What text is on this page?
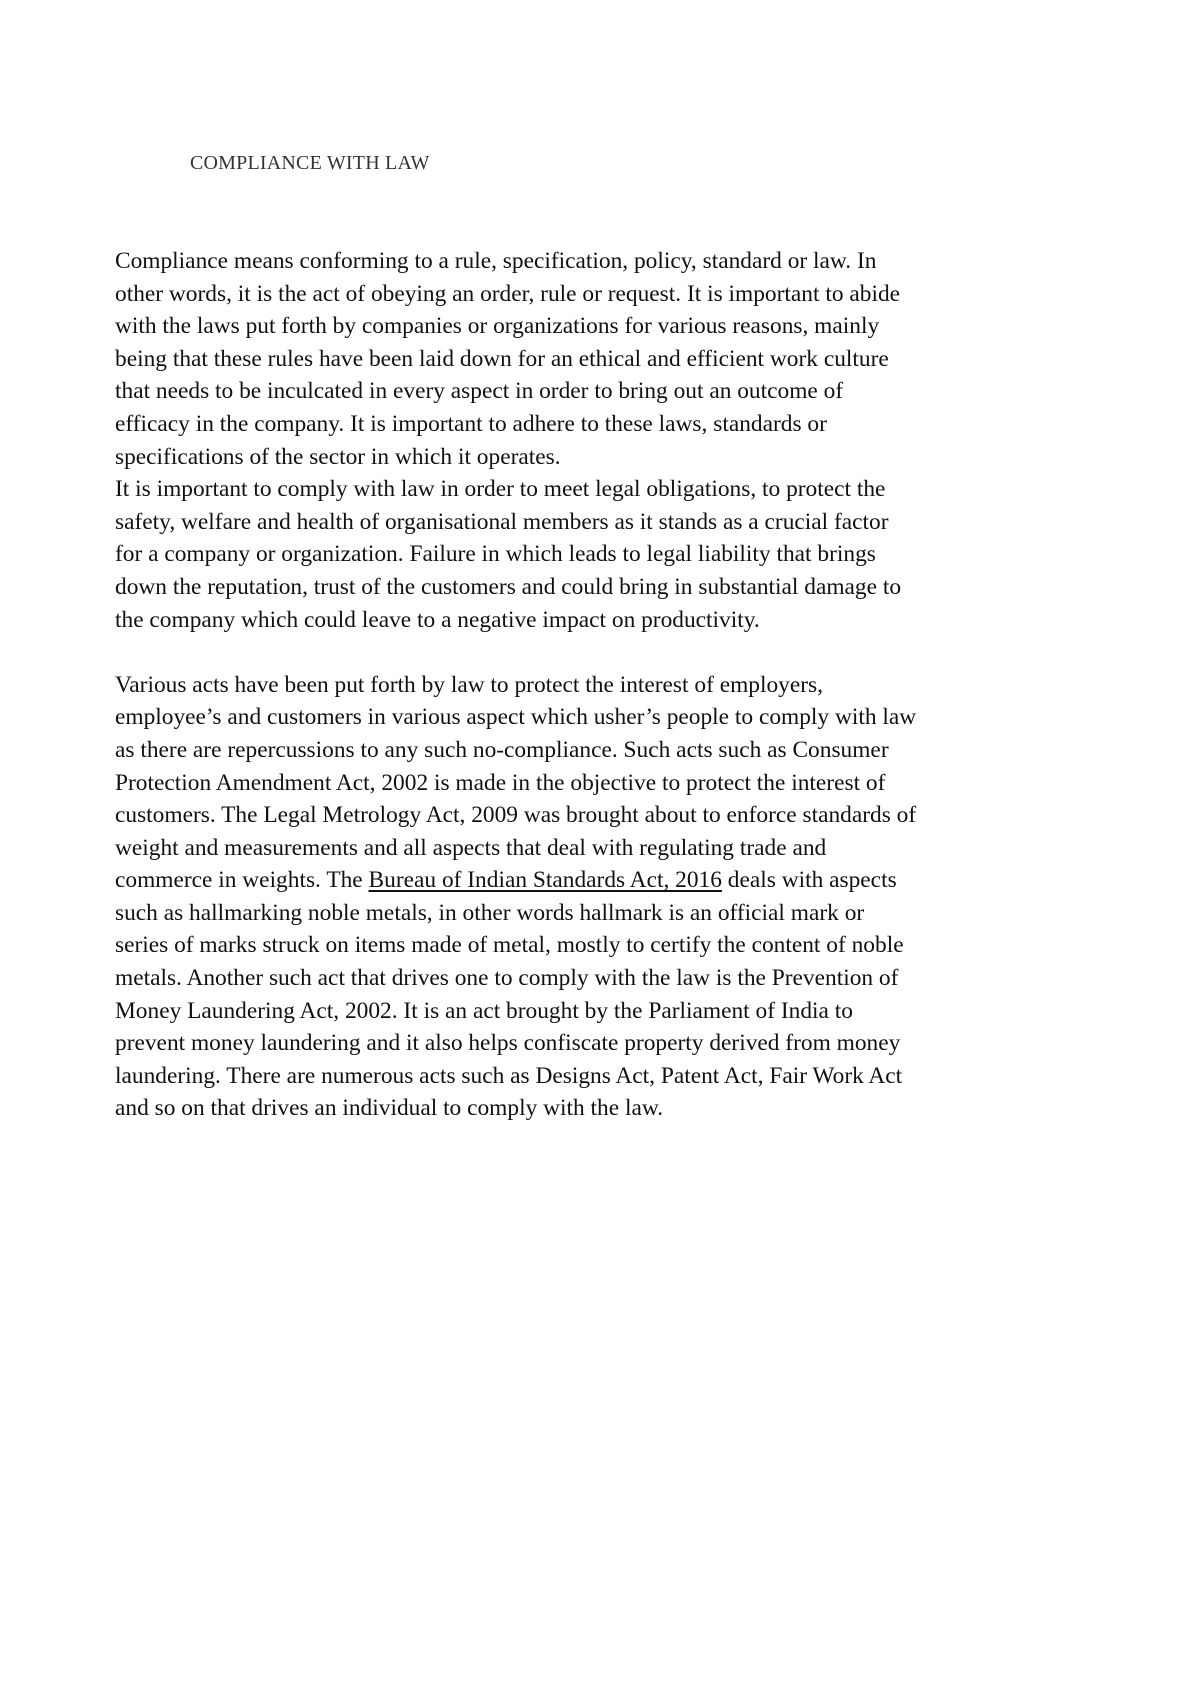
COMPLIANCE WITH LAW

Compliance means conforming to a rule, specification, policy, standard or law. In
other words, it is the act of obeying an order, rule or request. It is important to abide
with the laws put forth by companies or organizations for various reasons, mainly
being that these rules have been laid down for an ethical and efficient work culture
that needs to be inculcated in every aspect in order to bring out an outcome of
efficacy in the company. It is important to adhere to these laws, standards or
specifications of the sector in which it operates.

It is important to comply with law in order to meet legal obligations, to protect the
safety, welfare and health of organisational members as it stands as a crucial factor
for a company or organization. Failure in which leads to legal liability that brings
down the reputation, trust of the customers and could bring in substantial damage to
the company which could leave to a negative impact on productivity.

Various acts have been put forth by law to protect the interest of employers,
employee’s and customers in various aspect which usher’s people to comply with law
as there are repercussions to any such no-compliance. Such acts such as Consumer
Protection Amendment Act, 2002 is made in the objective to protect the interest of
customers. The Legal Metrology Act, 2009 was brought about to enforce standards of
weight and measurements and all aspects that deal with regulating trade and
commerce in weights. The Bureau of Indian Standards Act, 2016 deals with aspects
such as hallmarking noble metals, in other words hallmark is an official mark or
series of marks struck on items made of metal, mostly to certify the content of noble
metals. Another such act that drives one to comply with the law is the Prevention of
Money Laundering Act, 2002. It is an act brought by the Parliament of India to
prevent money laundering and it also helps confiscate property derived from money
laundering. There are numerous acts such as Designs Act, Patent Act, Fair Work Act
and so on that drives an individual to comply with the law.
